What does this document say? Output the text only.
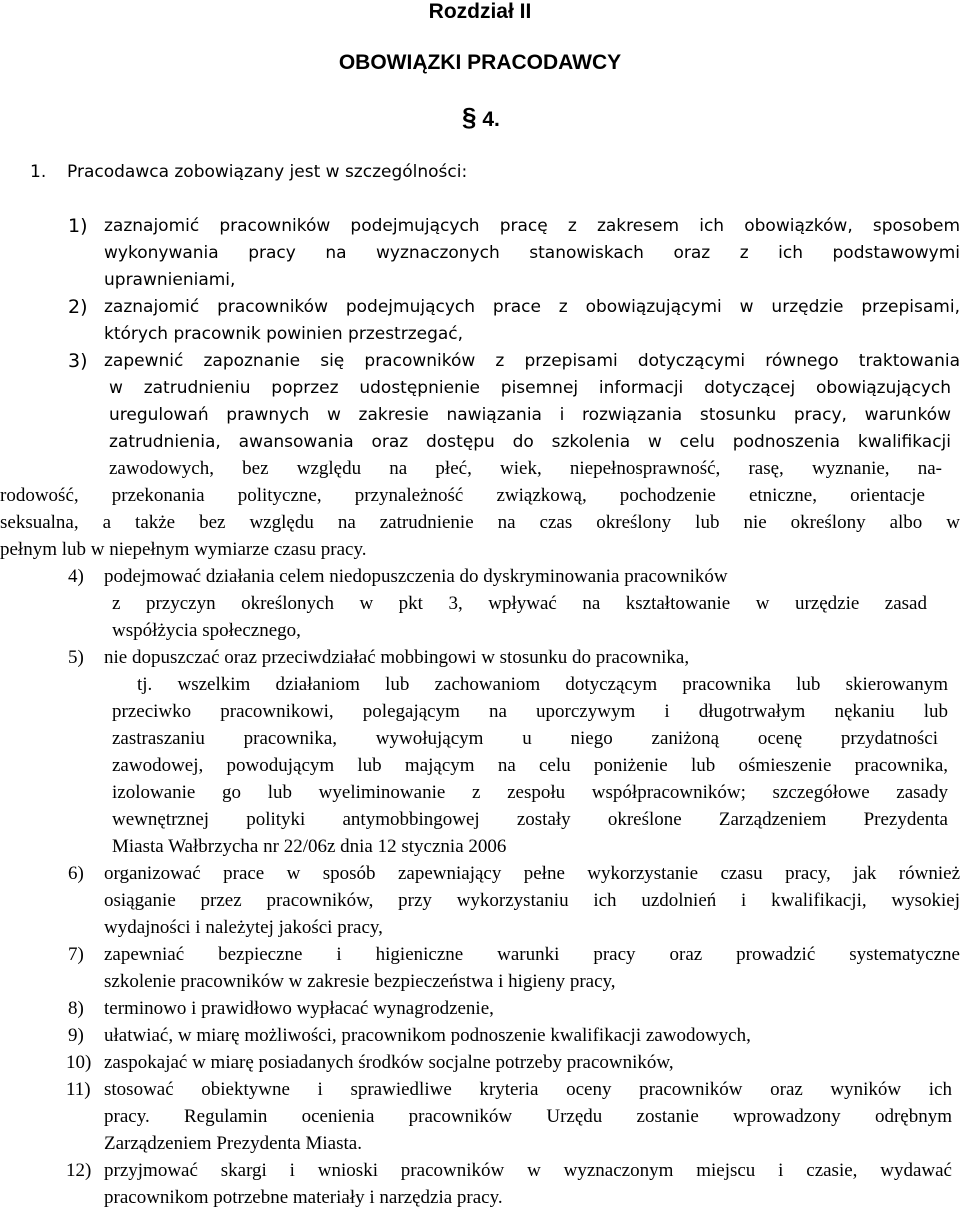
Rozdział II
OBOWIĄZKI PRACODAWCY
§ 4.
1. Pracodawca zobowiązany jest w szczególności:
1) zaznajomić pracowników podejmujących pracę z zakresem ich obowiązków, sposobem
wykonywania pracy na wyznaczonych stanowiskach oraz z ich podstawowymi
uprawnieniami,
2) zaznajomić pracowników podejmujących prace z obowiązującymi w urzędzie przepisami,
których pracownik powinien przestrzegać,
3) zapewnić zapoznanie się pracowników z przepisami dotyczącymi równego traktowania
w zatrudnieniu poprzez udostępnienie pisemnej informacji dotyczącej obowiązujących
uregulowań prawnych w zakresie nawiązania i rozwiązania stosunku pracy, warunków
zatrudnienia, awansowania oraz dostępu do szkolenia w celu podnoszenia kwalifikacji
zawodowych, bez względu na płeć, wiek, niepełnosprawność, rasę, wyznanie, na-
rodowość, przekonania polityczne, przynależność związkową, pochodzenie etniczne, orientacje
seksualna, a także bez względu na zatrudnienie na czas określony lub nie określony albo w
pełnym lub w niepełnym wymiarze czasu pracy.
4) podejmować działania celem niedopuszczenia do dyskryminowania pracowników
z przyczyn określonych w pkt 3, wpływać na kształtowanie w urzędzie zasad
współżycia społecznego,
5) nie dopuszczać oraz przeciwdziałać mobbingowi w stosunku do pracownika,
tj. wszelkim działaniom lub zachowaniom dotyczącym pracownika lub skierowanym
przeciwko pracownikowi, polegającym na uporczywym i długotrwałym nękaniu lub
zastraszaniu pracownika, wywołującym u niego zaniżoną ocenę przydatności
zawodowej, powodującym lub mającym na celu poniżenie lub ośmieszenie pracownika,
izolowanie go lub wyeliminowanie z zespołu współpracowników; szczegółowe zasady
wewnętrznej polityki antymobbingowej zostały określone Zarządzeniem Prezydenta
Miasta Wałbrzycha nr 22/06z dnia 12 stycznia 2006
6) organizować prace w sposób zapewniający pełne wykorzystanie czasu pracy, jak również
osiąganie przez pracowników, przy wykorzystaniu ich uzdolnień i kwalifikacji, wysokiej
wydajności i należytej jakości pracy,
7) zapewniać bezpieczne i higieniczne warunki pracy oraz prowadzić systematyczne
szkolenie pracowników w zakresie bezpieczeństwa i higieny pracy,
8) terminowo i prawidłowo wypłacać wynagrodzenie,
9) ułatwiać, w miarę możliwości, pracownikom podnoszenie kwalifikacji zawodowych,
10) zaspokajać w miarę posiadanych środków socjalne potrzeby pracowników,
11) stosować obiektywne i sprawiedliwe kryteria oceny pracowników oraz wyników ich
pracy. Regulamin ocenienia pracowników Urzędu zostanie wprowadzony odrębnym
Zarządzeniem Prezydenta Miasta.
12) przyjmować skargi i wnioski pracowników w wyznaczonym miejscu i czasie, wydawać
pracownikom potrzebne materiały i narzędzia pracy.
